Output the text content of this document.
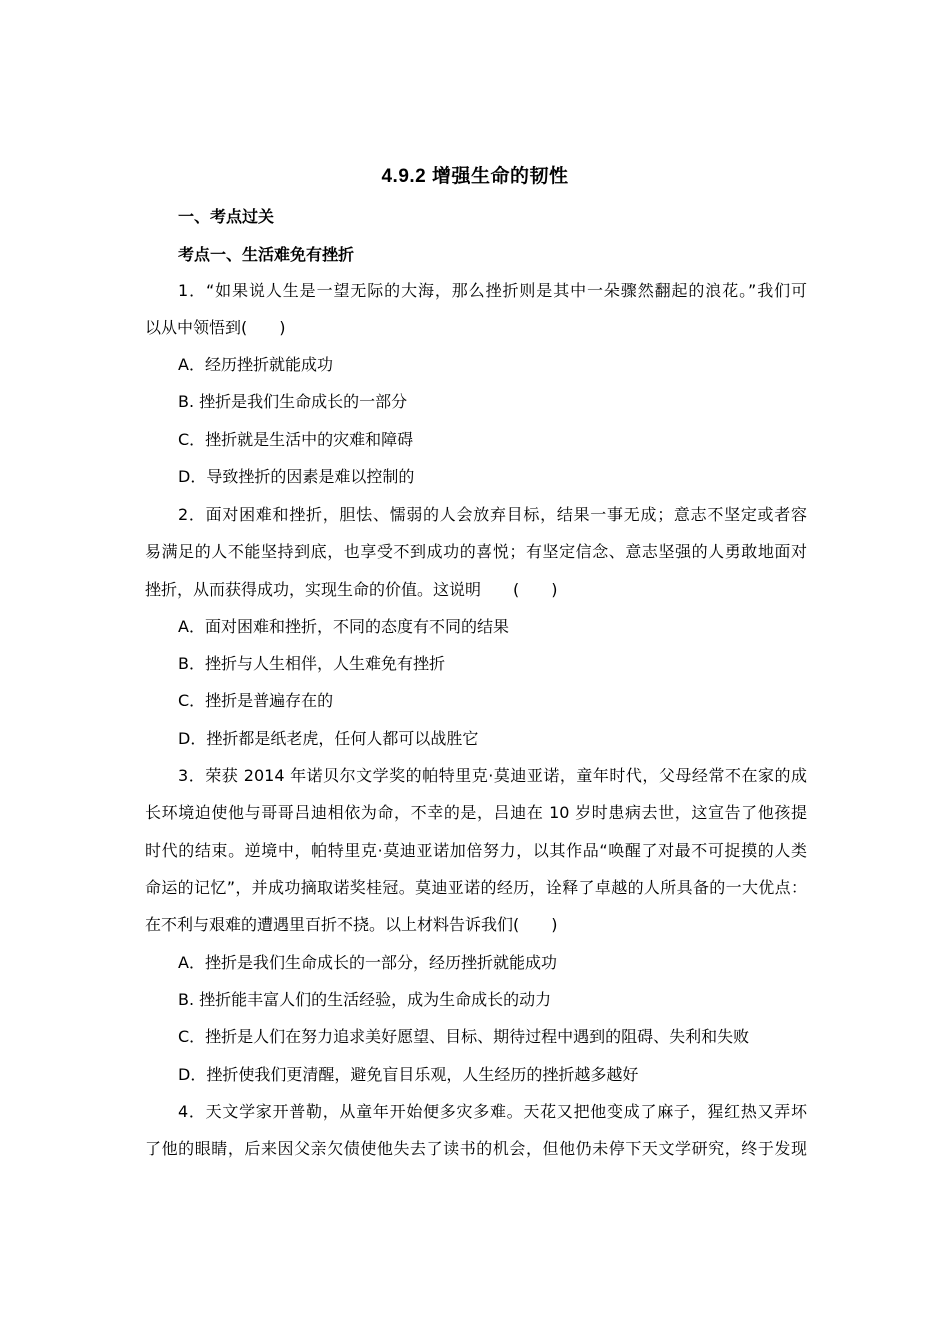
4.9.2 增强生命的韧性
一、考点过关
考点一、生活难免有挫折
1．“如果说人生是一望无际的大海，那么挫折则是其中一朵骤然翻起的浪花。”我们可
以从中领悟到(　　)
A．经历挫折就能成功
B. 挫折是我们生命成长的一部分
C．挫折就是生活中的灾难和障碍
D．导致挫折的因素是难以控制的
2．面对困难和挫折，胆怯、懦弱的人会放弃目标，结果一事无成；意志不坚定或者容
易满足的人不能坚持到底，也享受不到成功的喜悦；有坚定信念、意志坚强的人勇敢地面对
挫折，从而获得成功，实现生命的价值。这说明　　(　　)
A．面对困难和挫折，不同的态度有不同的结果
B．挫折与人生相伴，人生难免有挫折
C．挫折是普遍存在的
D．挫折都是纸老虎，任何人都可以战胜它
3．荣获 2014 年诺贝尔文学奖的帕特里克·莫迪亚诺，童年时代，父母经常不在家的成
长环境迫使他与哥哥吕迪相依为命，不幸的是，吕迪在 10 岁时患病去世，这宣告了他孩提
时代的结束。逆境中，帕特里克·莫迪亚诺加倍努力，以其作品“唤醒了对最不可捉摸的人类
命运的记忆”，并成功摘取诺奖桂冠。莫迪亚诺的经历，诠释了卓越的人所具备的一大优点：
在不利与艰难的遭遇里百折不挠。以上材料告诉我们(　　)
A．挫折是我们生命成长的一部分，经历挫折就能成功
B. 挫折能丰富人们的生活经验，成为生命成长的动力
C．挫折是人们在努力追求美好愿望、目标、期待过程中遇到的阻碍、失利和失败
D．挫折使我们更清醒，避免盲目乐观，人生经历的挫折越多越好
4．天文学家开普勒，从童年开始便多灾多难。天花又把他变成了麻子，猩红热又弄坏
了他的眼睛，后来因父亲欠债使他失去了读书的机会，但他仍未停下天文学研究，终于发现
